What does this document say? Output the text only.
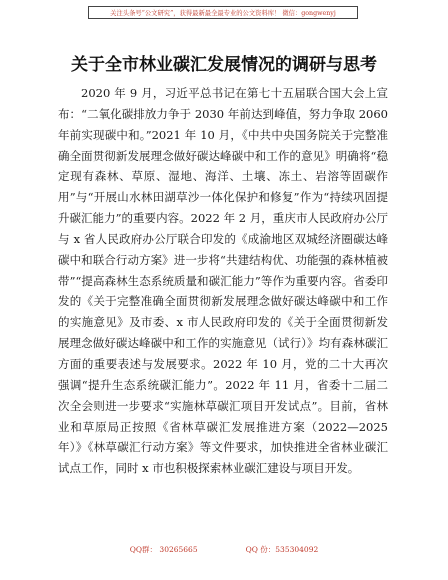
关注头条号“公文研究”，获得最新最全最专业的公文资料库！ 微信：gongwenyj
关于全市林业碳汇发展情况的调研与思考

2020 年 9 月，习近平总书记在第七十五届联合国大会上宣布：“二氧化碳排放力争于 2030 年前达到峰值，努力争取 2060 年前实现碳中和。”2021 年 10 月，《中共中央国务院关于完整准确全面贯彻新发展理念做好碳达峰碳中和工作的意见》明确将“稳定现有森林、草原、湿地、海洋、土壤、冻土、岩溶等固碳作用”与“开展山水林田湖草沙一体化保护和修复”作为“持续巩固提升碳汇能力”的重要内容。2022 年 2 月，重庆市人民政府办公厅与 x 省人民政府办公厅联合印发的《成渝地区双城经济圈碳达峰碳中和联合行动方案》进一步将“共建结构优、功能强的森林植被带”“提高森林生态系统质量和碳汇能力”等作为重要内容。省委印发的《关于完整准确全面贯彻新发展理念做好碳达峰碳中和工作的实施意见》及市委、x 市人民政府印发的《关于全面贯彻新发展理念做好碳达峰碳中和工作的实施意见（试行）》均有森林碳汇方面的重要表述与发展要求。2022 年 10 月，党的二十大再次强调“提升生态系统碳汇能力”。2022 年 11 月，省委十二届二次全会则进一步要求“实施林草碳汇项目开发试点”。目前，省林业和草原局正按照《省林草碳汇发展推进方案（2022—2025 年）》《林草碳汇行动方案》等文件要求，加快推进全省林业碳汇试点工作，同时 x 市也积极探索林业碳汇建设与项目开发。

QQ群： 30265665	QQ 份：535304092
